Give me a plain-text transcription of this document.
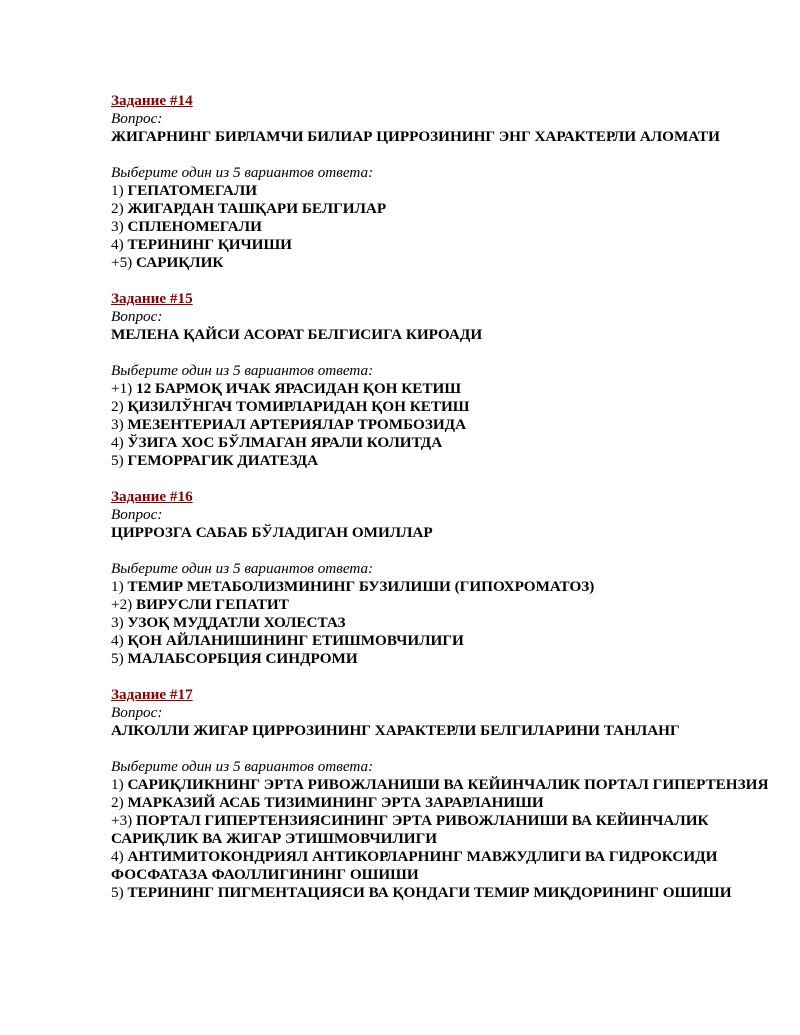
Задание #14
Вопрос:
ЖИГАРНИНГ БИРЛАМЧИ БИЛИАР ЦИРРОЗИНИНГ ЭНГ ХАРАКТЕРЛИ АЛОМАТИ
Выберите один из 5 вариантов ответа:
1) ГЕПАТОМЕГАЛИ
2) ЖИГАРДАН ТАШҚАРИ БЕЛГИЛАР
3) СПЛЕНОМЕГАЛИ
4) ТЕРИНИНГ ҚИЧИШИ
+5) САРИҚЛИК
Задание #15
Вопрос:
МЕЛЕНА ҚАЙСИ АСОРАТ БЕЛГИСИГА КИРОАДИ
Выберите один из 5 вариантов ответа:
+1) 12 БАРМОҚ ИЧАК ЯРАСИДАН ҚОН КЕТИШ
2) ҚИЗИЛЎНГАЧ ТОМИРЛАРИДАН ҚОН КЕТИШ
3) МЕЗЕНТЕРИАЛ АРТЕРИЯЛАР ТРОМБОЗИДА
4) ЎЗИГА ХОС БЎЛМАГАН ЯРАЛИ КОЛИТДА
5) ГЕМОРРАГИК ДИАТЕЗДА
Задание #16
Вопрос:
ЦИРРОЗГА САБАБ БЎЛАДИГАН ОМИЛЛАР
Выберите один из 5 вариантов ответа:
1) ТЕМИР МЕТАБОЛИЗМИНИНГ БУЗИЛИШИ (ГИПОХРОМАТОЗ)
+2) ВИРУСЛИ ГЕПАТИТ
3) УЗОҚ МУДДАТЛИ ХОЛЕСТАЗ
4) ҚОН АЙЛАНИШИНИНГ ЕТИШМОВЧИЛИГИ
5) МАЛАБСОРБЦИЯ СИНДРОМИ
Задание #17
Вопрос:
АЛКОЛЛИ ЖИГАР ЦИРРОЗИНИНГ ХАРАКТЕРЛИ БЕЛГИЛАРИНИ ТАНЛАНГ
Выберите один из 5 вариантов ответа:
1) САРИҚЛИКНИНГ ЭРТА РИВОЖЛАНИШИ ВА КЕЙИНЧАЛИК ПОРТАЛ ГИПЕРТЕНЗИЯ
2) МАРКАЗИЙ АСАБ ТИЗИМИНИНГ ЭРТА ЗАРАРЛАНИШИ
+3) ПОРТАЛ ГИПЕРТЕНЗИЯСИНИНГ ЭРТА РИВОЖЛАНИШИ ВА КЕЙИНЧАЛИК САРИҚЛИК ВА ЖИГАР ЭТИШМОВЧИЛИГИ
4) АНТИМИТОКОНДРИЯЛ АНТИКОРЛАРНИНГ МАВЖУДЛИГИ ВА ГИДРОКСИДИ ФОСФАТАЗА ФАОЛЛИГИНИНГ ОШИШИ
5) ТЕРИНИНГ ПИГМЕНТАЦИЯСИ ВА ҚОНДАГИ ТЕМИР МИҚДОРИНИНГ ОШИШИ
